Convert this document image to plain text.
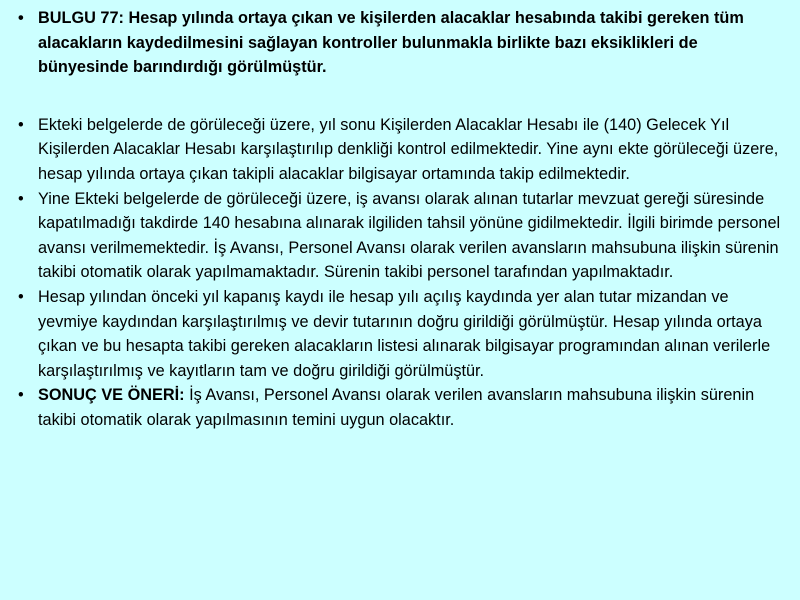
• BULGU 77: Hesap yılında ortaya çıkan ve kişilerden alacaklar hesabında takibi gereken tüm alacakların kaydedilmesini sağlayan kontroller bulunmakla birlikte bazı eksiklikleri de bünyesinde barındırdığı görülmüştür.
• Ekteki belgelerde de görüleceği üzere, yıl sonu Kişilerden Alacaklar Hesabı ile (140) Gelecek Yıl Kişilerden Alacaklar Hesabı karşılaştırılıp denkliği kontrol edilmektedir. Yine aynı ekte görüleceği üzere, hesap yılında ortaya çıkan takipli alacaklar bilgisayar ortamında takip edilmektedir.
• Yine Ekteki belgelerde de görüleceği üzere, iş avansı olarak alınan tutarlar mevzuat gereği süresinde kapatılmadığı takdirde 140 hesabına alınarak ilgiliden tahsil yönüne gidilmektedir. İlgili birimde personel avansı verilmemektedir. İş Avansı, Personel Avansı olarak verilen avansların mahsubuna ilişkin sürenin takibi otomatik olarak yapılmamaktadır. Sürenin takibi personel tarafından yapılmaktadır.
• Hesap yılından önceki yıl kapanış kaydı ile hesap yılı açılış kaydında yer alan tutar mizandan ve yevmiye kaydından karşılaştırılmış ve devir tutarının doğru girildiği görülmüştür. Hesap yılında ortaya çıkan ve bu hesapta takibi gereken alacakların listesi alınarak bilgisayar programından alınan verilerle karşılaştırılmış ve kayıtların tam ve doğru girildiği görülmüştür.
• SONUÇ VE ÖNERİ: İş Avansı, Personel Avansı olarak verilen avansların mahsubuna ilişkin sürenin takibi otomatik olarak yapılmasının temini uygun olacaktır.
